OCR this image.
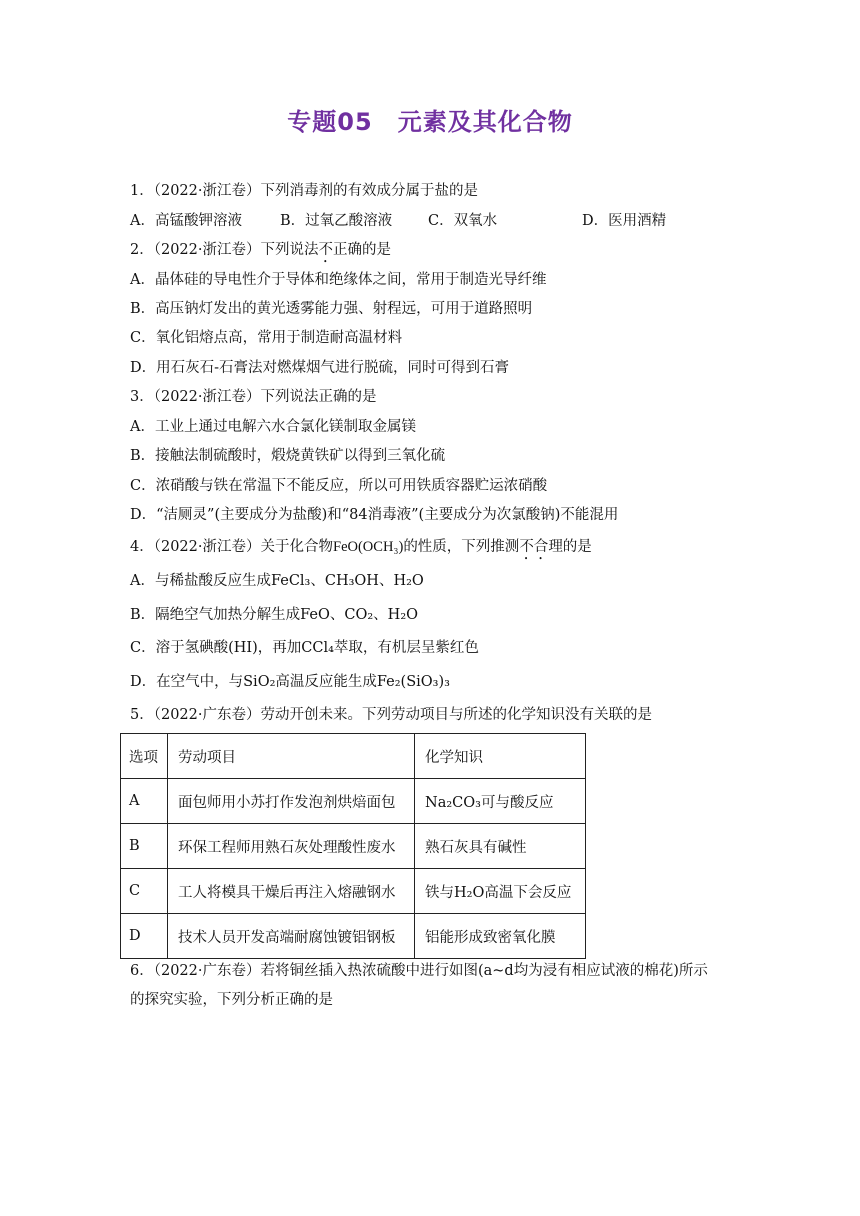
专题05　元素及其化合物
1．（2022·浙江卷）下列消毒剂的有效成分属于盐的是
A．高锰酸钾溶液	B．过氧乙酸溶液 C．双氧水	D．医用酒精
2．（2022·浙江卷）下列说法不正确的是
A．晶体硅的导电性介于导体和绝缘体之间，常用于制造光导纤维
B．高压钠灯发出的黄光透雾能力强、射程远，可用于道路照明
C．氧化铝熔点高，常用于制造耐高温材料
D．用石灰石-石膏法对燃煤烟气进行脱硫，同时可得到石膏
3．（2022·浙江卷）下列说法正确的是
A．工业上通过电解六水合氯化镁制取金属镁
B．接触法制硫酸时，煅烧黄铁矿以得到三氧化硫
C．浓硝酸与铁在常温下不能反应，所以可用铁质容器贮运浓硝酸
D．“洁厕灵”(主要成分为盐酸)和“84消毒液”(主要成分为次氯酸钠)不能混用
4．（2022·浙江卷）关于化合物FeO(OCH₃)的性质，下列推测不合理的是
A．与稀盐酸反应生成FeCl₃、CH₃OH、H₂O
B．隔绝空气加热分解生成FeO、CO₂、H₂O
C．溶于氢碘酸(HI)，再加CCl₄萃取，有机层呈紫红色
D．在空气中，与SiO₂高温反应能生成Fe₂(SiO₃)₃
5．（2022·广东卷）劳动开创未来。下列劳动项目与所述的化学知识没有关联的是
选项	劳动项目	化学知识
A	面包师用小苏打作发泡剂烘焙面包	Na₂CO₃可与酸反应
B	环保工程师用熟石灰处理酸性废水	熟石灰具有碱性
C	工人将模具干燥后再注入熔融钢水	铁与H₂O高温下会反应
D	技术人员开发高端耐腐蚀镀铝钢板	铝能形成致密氧化膜
6．（2022·广东卷）若将铜丝插入热浓硫酸中进行如图(a~d均为浸有相应试液的棉花)所示
的探究实验，下列分析正确的是
